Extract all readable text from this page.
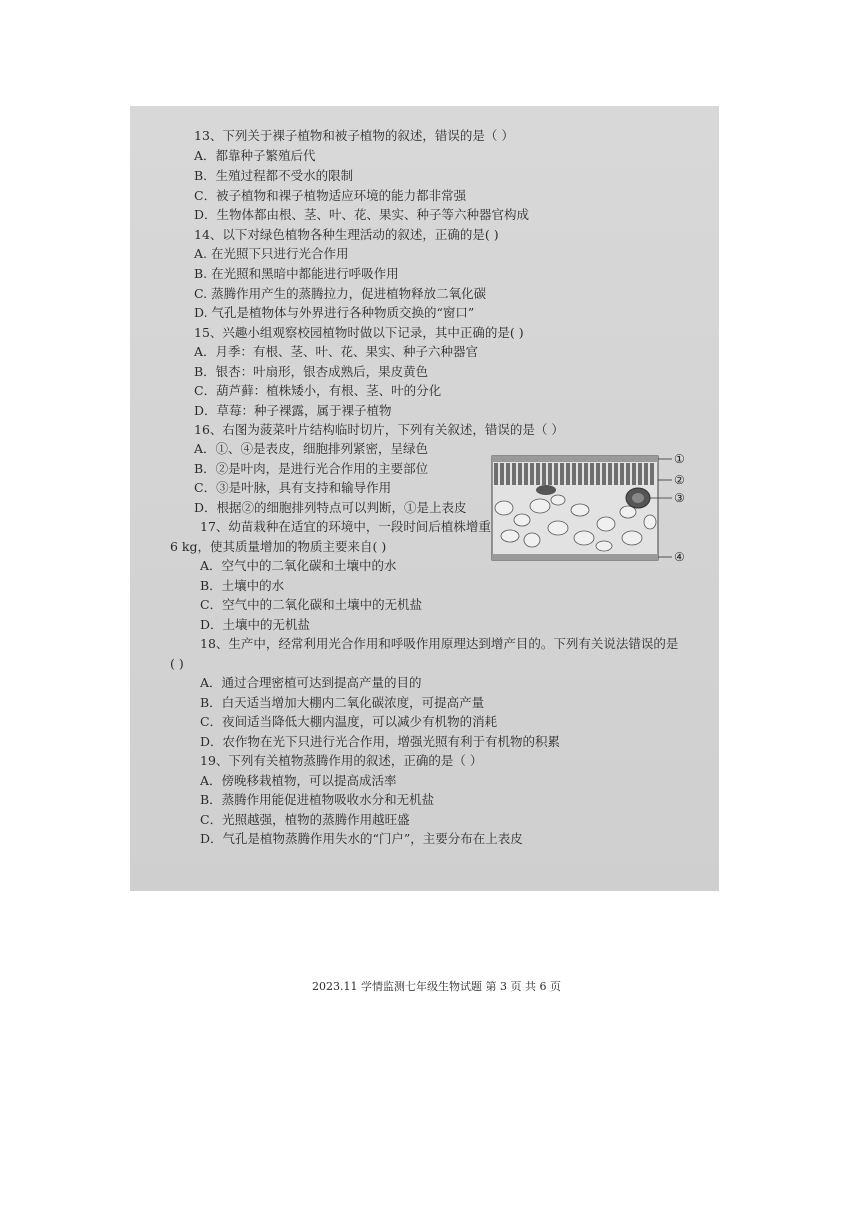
13、下列关于裸子植物和被子植物的叙述，错误的是（ ）
A．都靠种子繁殖后代
B．生殖过程都不受水的限制
C．被子植物和裸子植物适应环境的能力都非常强
D．生物体都由根、茎、叶、花、果实、种子等六种器官构成
14、以下对绿色植物各种生理活动的叙述，正确的是( )
A. 在光照下只进行光合作用
B. 在光照和黑暗中都能进行呼吸作用
C. 蒸腾作用产生的蒸腾拉力，促进植物释放二氧化碳
D. 气孔是植物体与外界进行各种物质交换的“窗口”
15、兴趣小组观察校园植物时做以下记录，其中正确的是( )
A．月季：有根、茎、叶、花、果实、种子六种器官
B．银杏：叶扇形，银杏成熟后，果皮黄色
C．葫芦藓：植株矮小，有根、茎、叶的分化
D．草莓：种子裸露，属于裸子植物
16、右图为菠菜叶片结构临时切片，下列有关叙述，错误的是（ ）
A．①、④是表皮，细胞排列紧密，呈绿色
B．②是叶肉，是进行光合作用的主要部位
C．③是叶脉，具有支持和输导作用
D．根据②的细胞排列特点可以判断，①是上表皮
17、幼苗栽种在适宜的环境中，一段时间后植株增重
6 kg，使其质量增加的物质主要来自( )
A．空气中的二氧化碳和土壤中的水
B．土壤中的水
C．空气中的二氧化碳和土壤中的无机盐
D．土壤中的无机盐
18、生产中，经常利用光合作用和呼吸作用原理达到增产目的。下列有关说法错误的是
( )
A．通过合理密植可达到提高产量的目的
B．白天适当增加大棚内二氧化碳浓度，可提高产量
C．夜间适当降低大棚内温度，可以减少有机物的消耗
D．农作物在光下只进行光合作用，增强光照有利于有机物的积累
19、下列有关植物蒸腾作用的叙述，正确的是（ ）
A．傍晚移栽植物，可以提高成活率
B．蒸腾作用能促进植物吸收水分和无机盐
C．光照越强，植物的蒸腾作用越旺盛
D．气孔是植物蒸腾作用失水的“门户”，主要分布在上表皮
①
②
③
④
2023.11 学情监测七年级生物试题 第 3 页 共 6 页
